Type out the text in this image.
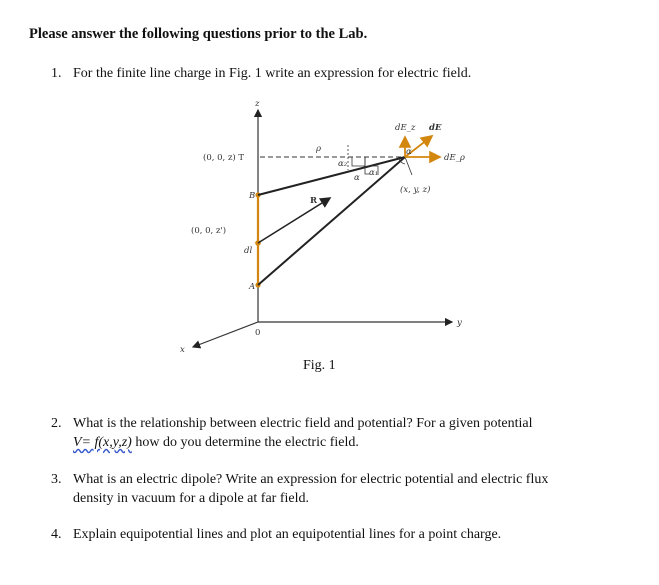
Please answer the following questions prior to the Lab.
1. For the finite line charge in Fig. 1 write an expression for electric field.
z
y
x
0
(0, 0, z) T
(0, 0, z')
B
A
dl
R
ρ
α₂
α α₁
dE_z dE
dE_ρ
α
(x, y, z)
Fig. 1
2. What is the relationship between electric field and potential? For a given potential
V= f(x,y,z) how do you determine the electric field.
3. What is an electric dipole? Write an expression for electric potential and electric flux
density in vacuum for a dipole at far field.
4. Explain equipotential lines and plot an equipotential lines for a point charge.
